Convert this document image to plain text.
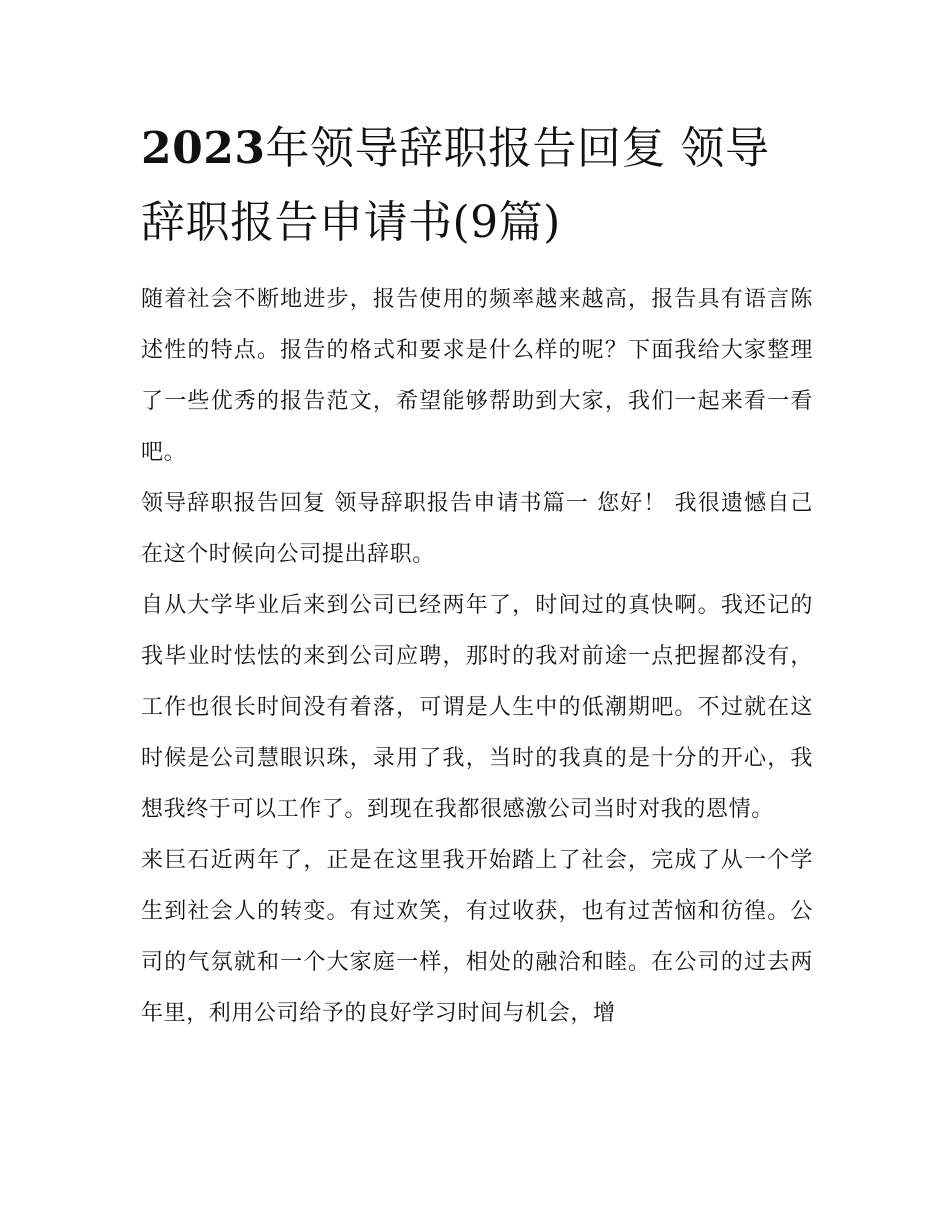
2023年领导辞职报告回复 领导辞职报告申请书(9篇)

随着社会不断地进步，报告使用的频率越来越高，报告具有语言陈述性的特点。报告的格式和要求是什么样的呢？下面我给大家整理了一些优秀的报告范文，希望能够帮助到大家，我们一起来看一看吧。

领导辞职报告回复 领导辞职报告申请书篇一 您好！ 我很遗憾自己在这个时候向公司提出辞职。

自从大学毕业后来到公司已经两年了，时间过的真快啊。我还记的我毕业时怯怯的来到公司应聘，那时的我对前途一点把握都没有，工作也很长时间没有着落，可谓是人生中的低潮期吧。不过就在这时候是公司慧眼识珠，录用了我，当时的我真的是十分的开心，我想我终于可以工作了。到现在我都很感激公司当时对我的恩情。

来巨石近两年了，正是在这里我开始踏上了社会，完成了从一个学生到社会人的转变。有过欢笑，有过收获，也有过苦恼和彷徨。公司的气氛就和一个大家庭一样，相处的融洽和睦。在公司的过去两年里，利用公司给予的良好学习时间与机会，增
